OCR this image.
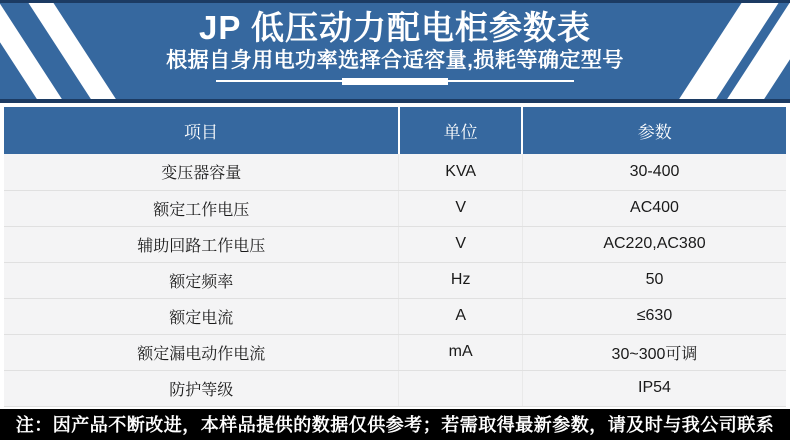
JP 低压动力配电柜参数表
根据自身用电功率选择合适容量,损耗等确定型号
项目	单位	参数
变压器容量	KVA	30-400
额定工作电压	V	AC400
辅助回路工作电压	V	AC220,AC380
额定频率	Hz	50
额定电流	A	≤630
额定漏电动作电流	mA	30~300可调
防护等级		IP54
注：因产品不断改进，本样品提供的数据仅供参考；若需取得最新参数，请及时与我公司联系
